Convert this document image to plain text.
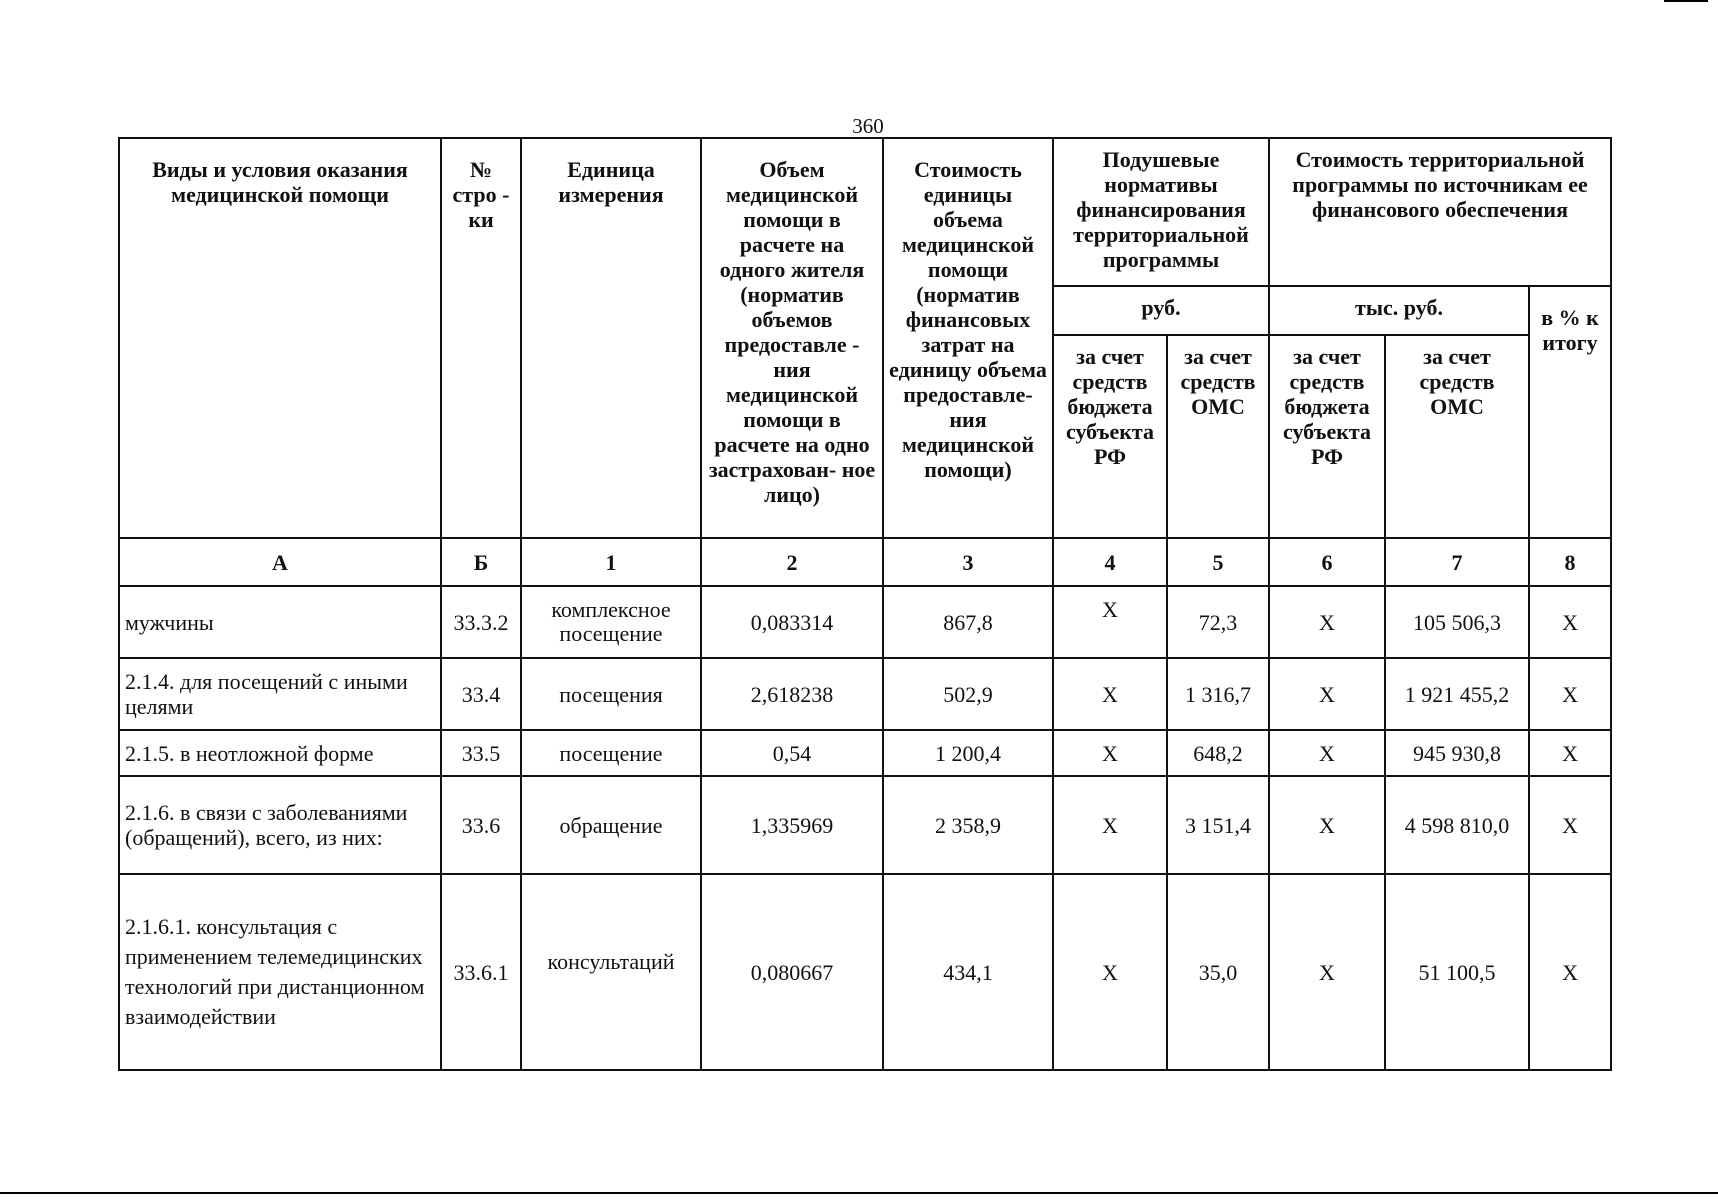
360
Виды и условия оказания медицинской помощи	№ стро - ки	Единица измерения	Объем медицинской помощи в расчете на одного жителя (норматив объемов предоставле - ния медицинской помощи в расчете на одно застрахован- ное лицо)	Стоимость единицы объема медицинской помощи (норматив финансовых затрат на единицу объема предоставле- ния медицинской помощи)	Подушевые нормативы финансирования территориальной программы		Стоимость территориальной программы по источникам ее финансового обеспечения		
					руб.		тыс. руб.		в % к итогу
					за счет средств бюджета субъекта РФ	за счет средств ОМС	за счет средств бюджета субъекта РФ	за счет средств ОМС	
А	Б	1	2	3	4	5	6	7	8
мужчины	33.3.2	комплексное посещение	0,083314	867,8	Х	72,3	Х	105 506,3	Х
2.1.4. для посещений с иными целями	33.4	посещения	2,618238	502,9	Х	1 316,7	Х	1 921 455,2	Х
2.1.5. в неотложной форме	33.5	посещение	0,54	1 200,4	Х	648,2	Х	945 930,8	Х
2.1.6. в связи с заболеваниями (обращений), всего, из них:	33.6	обращение	1,335969	2 358,9	Х	3 151,4	Х	4 598 810,0	Х
2.1.6.1. консультация с применением телемедицинских технологий при дистанционном взаимодействии	33.6.1	консультаций	0,080667	434,1	Х	35,0	Х	51 100,5	Х
